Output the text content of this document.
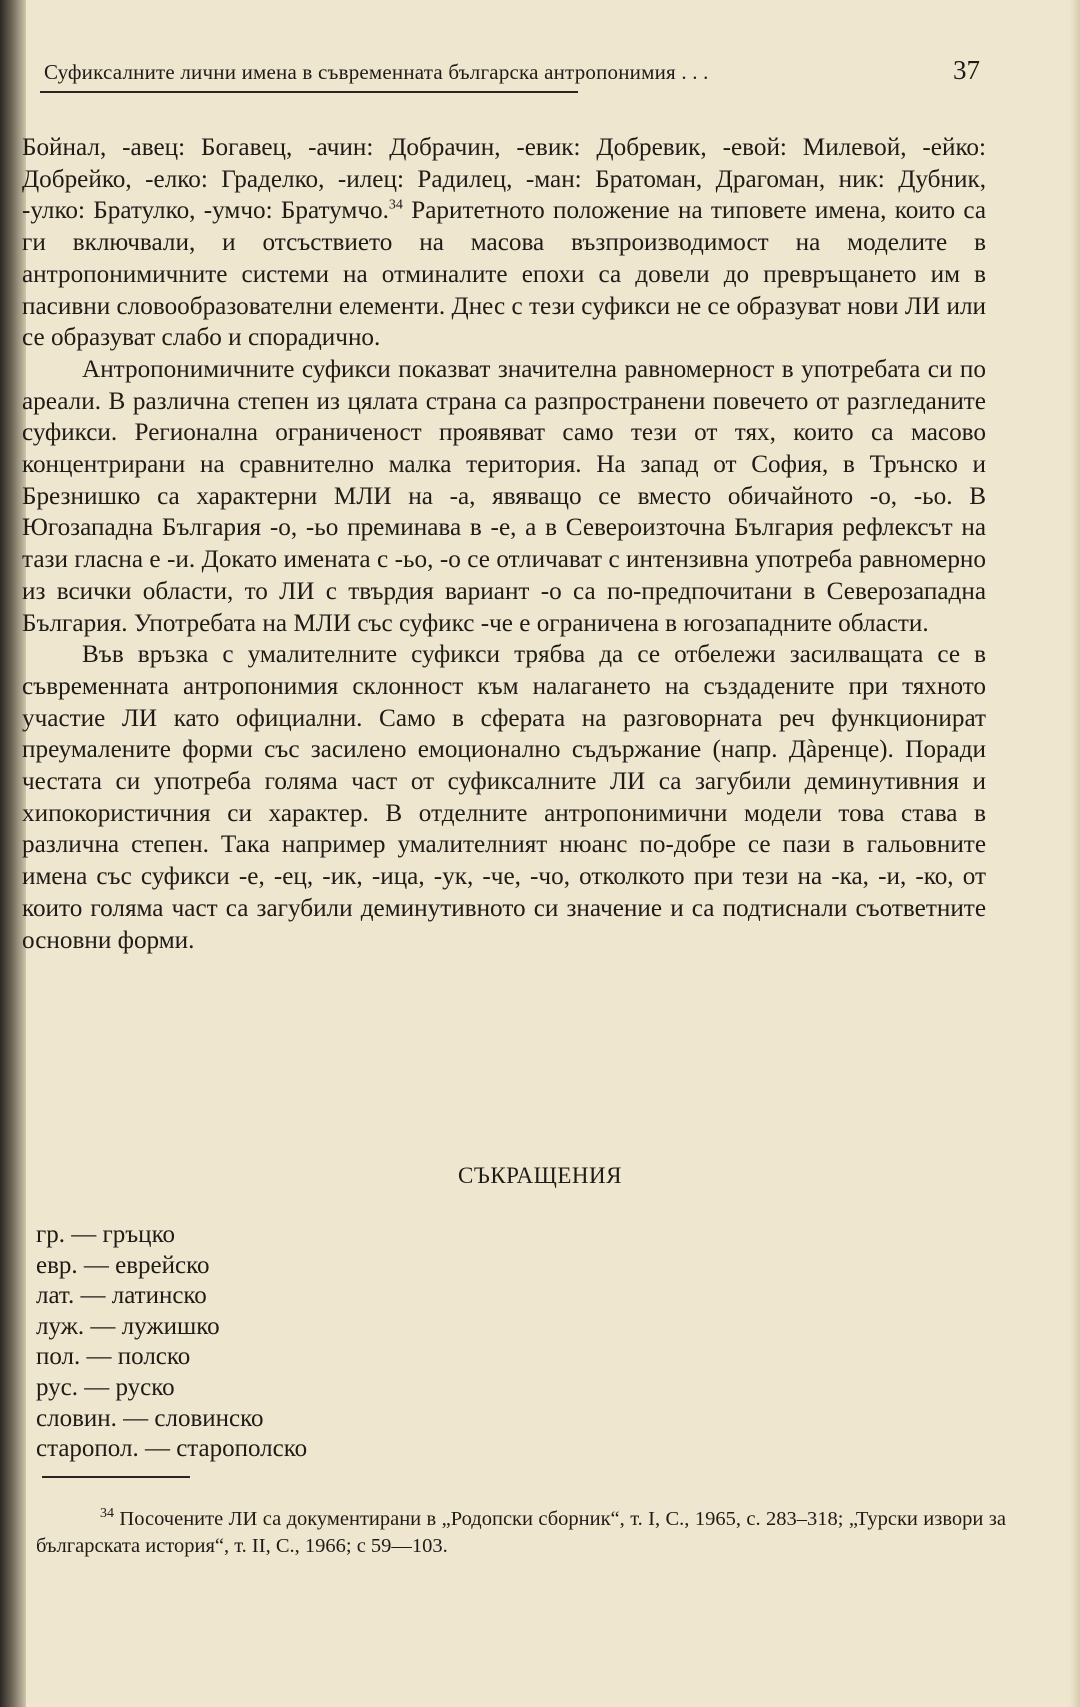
Суфиксалните лични имена в съвременната българска антропонимия . . .	37

Бойнал, -авец: Богавец, -ачин: Добрачин, -евик: Добревик, -евой: Милевой, -ейко: Добрейко, -елко: Граделко, -илец: Радилец, -ман: Братоман, Драгоман, ник: Дубник, -улко: Братулко, -умчо: Братумчо.$^{34}$ Раритетното положение на типовете имена, които са ги включвали, и отсъствието на масова възпроизводимост на моделите в антропонимичните системи на отминалите епохи са довели до превръщането им в пасивни словообразователни елементи. Днес с тези суфикси не се образуват нови ЛИ или се образуват слабо и спорадично.

Антропонимичните суфикси показват значителна равномерност в употребата си по ареали. В различна степен из цялата страна са разпространени повечето от разгледаните суфикси. Регионална ограниченост проявяват само тези от тях, които са масово концентрирани на сравнително малка територия. На запад от София, в Трънско и Брезнишко са характерни МЛИ на -а, явяващо се вместо обичайното -о, -ьо. В Югозападна България -о, -ьо преминава в -е, а в Североизточна България рефлексът на тази гласна е -и. Докато имената с -ьо, -о се отличават с интензивна употреба равномерно из всички области, то ЛИ с твърдия вариант -о са по-предпочитани в Северозападна България. Употребата на МЛИ със суфикс -че е ограничена в югозападните области.

Във връзка с умалителните суфикси трябва да се отбележи засилващата се в съвременната антропонимия склонност към налагането на създадените при тяхното участие ЛИ като официални. Само в сферата на разговорната реч функционират преумалените форми със засилено емоционално съдържание (напр. Дàренце). Поради честата си употреба голяма част от суфиксалните ЛИ са загубили деминутивния и хипокористичния си характер. В отделните антропонимични модели това става в различна степен. Така например умалителният нюанс по-добре се пази в гальовните имена със суфикси -е, -ец, -ик, -ица, -ук, -че, -чо, отколкото при тези на -ка, -и, -ко, от които голяма част са загубили деминутивното си значение и са подтиснали съответните основни форми.

СЪКРАЩЕНИЯ
гр. — гръцко
евр. — еврейско
лат. — латинско
луж. — лужишко
пол. — полско
рус. — руско
словин. — словинско
старопол. — старополско

$^{34}$ Посочените ЛИ са документирани в „Родопски сборник“, т. I, С., 1965, с. 283–318; „Турски извори за българската история“, т. II, С., 1966; с 59—103.
